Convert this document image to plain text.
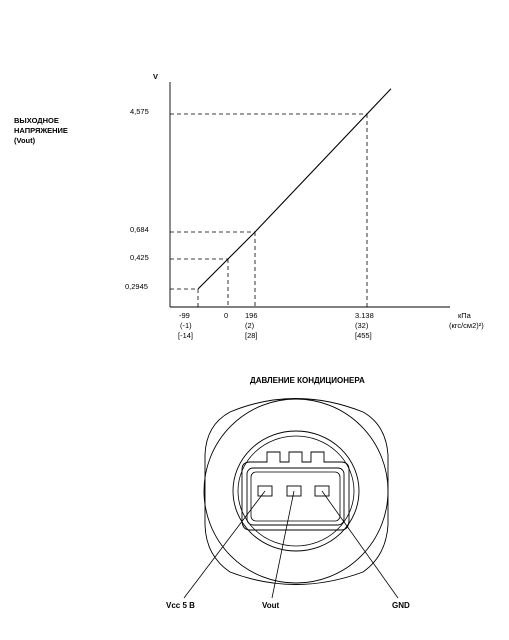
V
ВЫХОДНОЕ
НАПРЯЖЕНИЕ
(Vout)
4,575
0,684
0,425
0,2945
-99
(-1)
[-14]
0 196
(2)
[28]
3.138
(32)
[455]
кПа
(кгс/см2)²)
ДАВЛЕНИЕ КОНДИЦИОНЕРА
Vcc 5 B	Vout	GND
